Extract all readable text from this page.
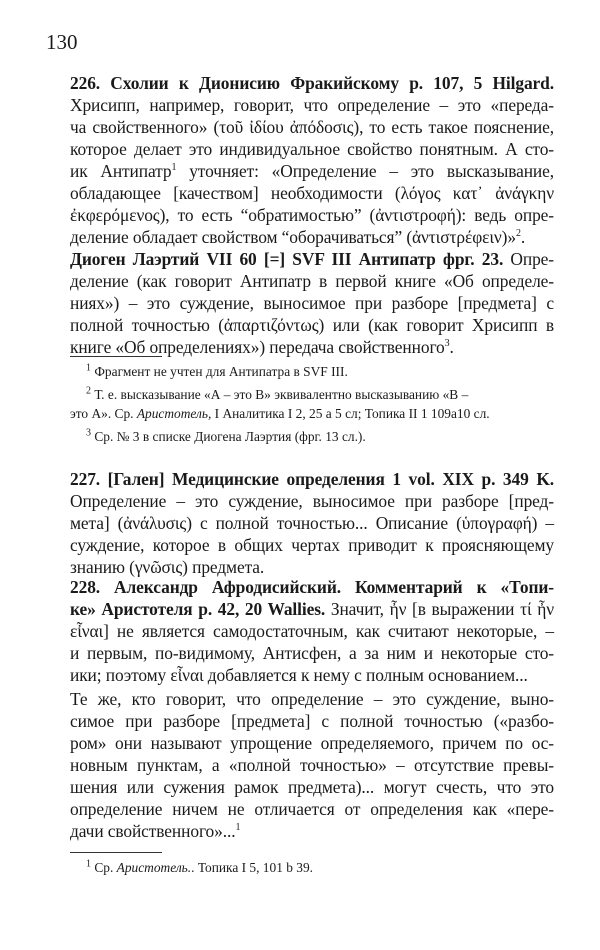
130
226. Схолии к Дионисию Фракийскому p. 107, 5 Hilgard.
Хрисипп, например, говорит, что определение – это «переда-
ча свойственного» (τοῦ ἰδίου ἀπόδοσις), то есть такое пояснение,
которое делает это индивидуальное свойство понятным. А сто-
ик Антипатр$^1$ уточняет: «Определение – это высказывание,
обладающее [качеством] необходимости (λόγος κατ᾽ ἀνάγκην
ἐκφερόμενος), то есть “обратимостью” (ἀντιστροφή): ведь опре-
деление обладает свойством “оборачиваться” (ἀντιστρέφειν)»$^2$.
Диоген Лаэртий VII 60 [=] SVF III Антипатр фрг. 23. Опре-
деление (как говорит Антипатр в первой книге «Об определе-
ниях») – это суждение, выносимое при разборе [предмета] с
полной точностью (ἀπαρτιζόντως) или (как говорит Хрисипп в
книге «Об определениях») передача свойственного$^3$.
$^1$ Фрагмент не учтен для Антипатра в SVF III.
$^2$ Т. е. высказывание «А – это В» эквивалентно высказыванию «В –
это А». Ср. Аристотель, I Аналитика I 2, 25 а 5 сл; Топика II 1 109а10 сл.
$^3$ Ср. № 3 в списке Диогена Лаэртия (фрг. 13 сл.).
227. [Гален] Медицинские определения 1 vol. XIX p. 349 K.
Определение – это суждение, выносимое при разборе [пред-
мета] (ἀνάλυσις) с полной точностью... Описание (ὑπογραφή) –
суждение, которое в общих чертах приводит к проясняющему
знанию (γνῶσις) предмета.
228. Александр Афродисийский. Комментарий к «Топи-
ке» Аристотеля p. 42, 20 Wallies. Значит, ἦν [в выражении τί ἦν
εἶναι] не является самодостаточным, как считают некоторые, –
и первым, по-видимому, Антисфен, а за ним и некоторые сто-
ики; поэтому εἶναι добавляется к нему с полным основанием...
Те же, кто говорит, что определение – это суждение, выно-
симое при разборе [предмета] с полной точностью («разбо-
ром» они называют упрощение определяемого, причем по ос-
новным пунктам, а «полной точностью» – отсутствие превы-
шения или сужения рамок предмета)... могут счесть, что это
определение ничем не отличается от определения как «пере-
дачи свойственного»...$^1$
$^1$ Ср. Аристотель.. Топика I 5, 101 b 39.
